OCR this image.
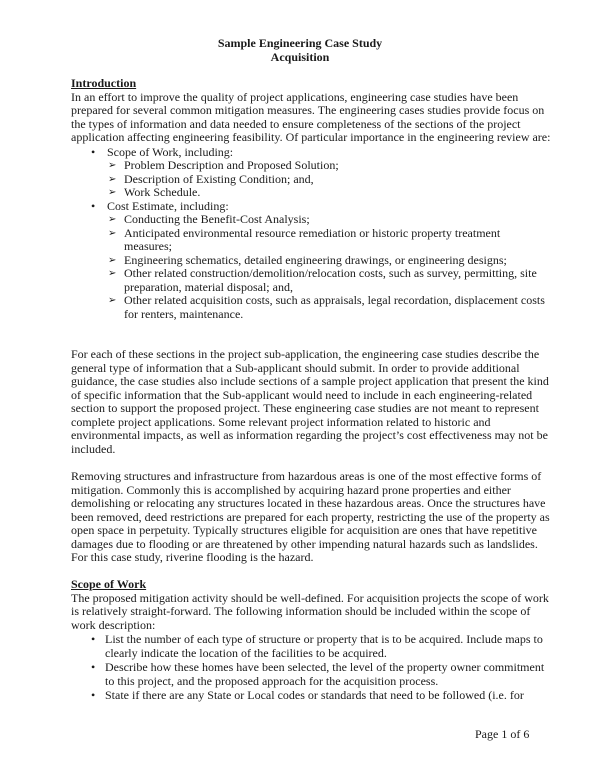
Sample Engineering Case Study
Acquisition
Introduction

In an effort to improve the quality of project applications, engineering case studies have been prepared for several common mitigation measures. The engineering cases studies provide focus on the types of information and data needed to ensure completeness of the sections of the project application affecting engineering feasibility. Of particular importance in the engineering review are:

• Scope of Work, including:
➢ Problem Description and Proposed Solution;
➢ Description of Existing Condition; and,
➢ Work Schedule.
• Cost Estimate, including:
➢ Conducting the Benefit-Cost Analysis;
➢ Anticipated environmental resource remediation or historic property treatment measures;
➢ Engineering schematics, detailed engineering drawings, or engineering designs;
➢ Other related construction/demolition/relocation costs, such as survey, permitting, site preparation, material disposal; and,
➢ Other related acquisition costs, such as appraisals, legal recordation, displacement costs for renters, maintenance.

For each of these sections in the project sub-application, the engineering case studies describe the general type of information that a Sub-applicant should submit. In order to provide additional guidance, the case studies also include sections of a sample project application that present the kind of specific information that the Sub-applicant would need to include in each engineering-related section to support the proposed project. These engineering case studies are not meant to represent complete project applications. Some relevant project information related to historic and environmental impacts, as well as information regarding the project’s cost effectiveness may not be included.

Removing structures and infrastructure from hazardous areas is one of the most effective forms of mitigation. Commonly this is accomplished by acquiring hazard prone properties and either demolishing or relocating any structures located in these hazardous areas. Once the structures have been removed, deed restrictions are prepared for each property, restricting the use of the property as open space in perpetuity. Typically structures eligible for acquisition are ones that have repetitive damages due to flooding or are threatened by other impending natural hazards such as landslides. For this case study, riverine flooding is the hazard.

Scope of Work

The proposed mitigation activity should be well-defined. For acquisition projects the scope of work is relatively straight-forward. The following information should be included within the scope of work description:

• List the number of each type of structure or property that is to be acquired. Include maps to clearly indicate the location of the facilities to be acquired.
• Describe how these homes have been selected, the level of the property owner commitment to this project, and the proposed approach for the acquisition process.
• State if there are any State or Local codes or standards that need to be followed (i.e. for
Page 1 of 6
